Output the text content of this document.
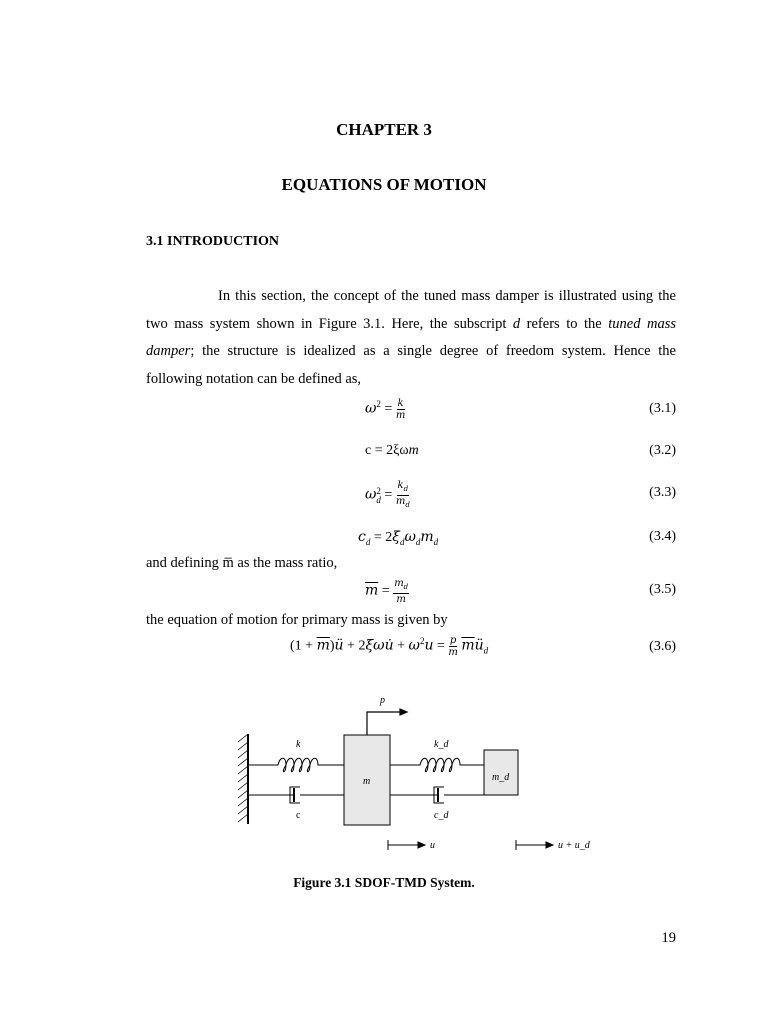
CHAPTER 3
EQUATIONS OF MOTION
3.1 INTRODUCTION
In this section, the concept of the tuned mass damper is illustrated using the two mass system shown in Figure 3.1. Here, the subscript d refers to the tuned mass damper; the structure is idealized as a single degree of freedom system. Hence the following notation can be defined as,
$\omega^2 = \frac{k}{m}$	(3.1)
c = 2ξωm	(3.2)
ω 2
$d = \frac{k_d}{m_d}$	(3.3)
$c_d = 2\xi_d\omega_dm_d$	(3.4)
and defining m̅ as the mass ratio,
$\overline{m} = \frac{m_d}{m}$	(3.5)
the equation of motion for primary mass is given by
$(1 + \overline{m})ü$ + 2ξωu̇ + $\omega^2u = \frac{p}{m}$ $\overline{m}ü_d$	(3.6)
p
k	k_d
m	m_d
c	c_d
u	u + u_d
Figure 3.1 SDOF-TMD System.
19
